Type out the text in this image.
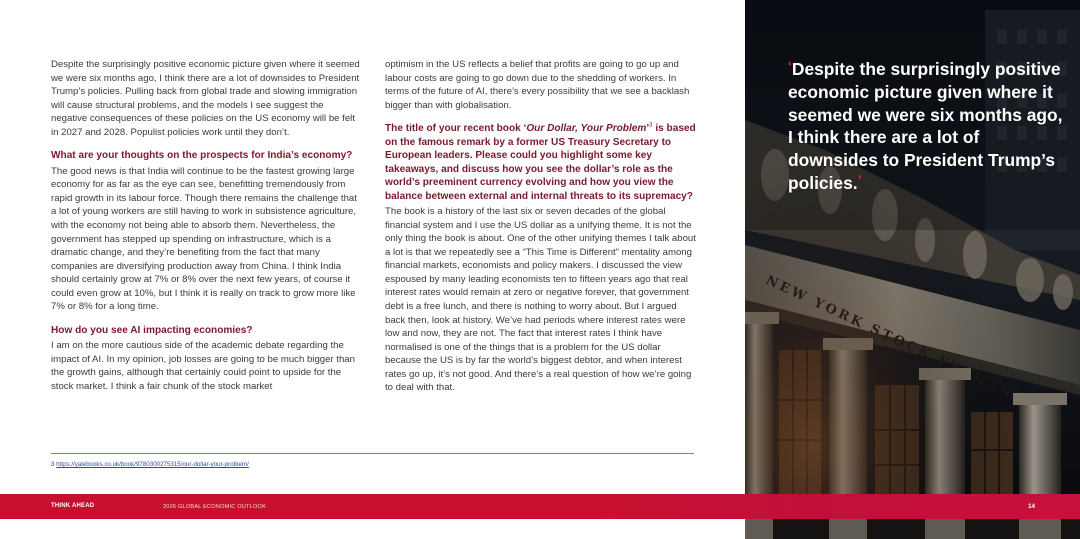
Despite the surprisingly positive economic picture given where it seemed we were six months ago, I think there are a lot of downsides to President Trump’s policies. Pulling back from global trade and slowing immigration will cause structural problems, and the models I see suggest the negative consequences of these policies on the US economy will be felt in 2027 and 2028. Populist policies work until they don’t.

What are your thoughts on the prospects for India’s economy?

The good news is that India will continue to be the fastest growing large economy for as far as the eye can see, benefitting tremendously from rapid growth in its labour force. Though there remains the challenge that a lot of young workers are still having to work in subsistence agriculture, with the economy not being able to absorb them. Nevertheless, the government has stepped up spending on infrastructure, which is a dramatic change, and they’re benefiting from the fact that many companies are diversifying production away from China. I think India should certainly grow at 7% or 8% over the next few years, of course it could even grow at 10%, but I think it is really on track to grow more like 7% or 8% for a long time.

How do you see AI impacting economies?

I am on the more cautious side of the academic debate regarding the impact of AI. In my opinion, job losses are going to be much bigger than the growth gains, although that certainly could point to upside for the stock market. I think a fair chunk of the stock market

optimism in the US reflects a belief that profits are going to go up and labour costs are going to go down due to the shedding of workers. In terms of the future of AI, there’s every possibility that we see a backlash bigger than with globalisation.

The title of your recent book ‘Our Dollar, Your Problem’$^3$ is based on the famous remark by a former US Treasury Secretary to European leaders. Please could you highlight some key takeaways, and discuss how you see the dollar’s role as the world’s preeminent currency evolving and how you view the balance between external and internal threats to its supremacy?

The book is a history of the last six or seven decades of the global financial system and I use the US dollar as a unifying theme. It is not the only thing the book is about. One of the other unifying themes I talk about a lot is that we repeatedly see a “This Time is Different” mentality among financial markets, economists and policy makers. I discussed the view espoused by many leading economists ten to fifteen years ago that real interest rates would remain at zero or negative forever, that government debt is a free lunch, and there is nothing to worry about. But I argued back then, look at history. We’ve had periods where interest rates were low and now, they are not. The fact that interest rates I think have normalised is one of the things that is a problem for the US dollar because the US is by far the world’s biggest debtor, and when interest rates go up, it’s not good. And there’s a real question of how we’re going to deal with that.

3 https://yalebooks.co.uk/book/9780300275315/our-dollar-your-problem/
‘Despite the surprisingly positive economic picture given where it seemed we were six months ago, I think there are a lot of downsides to President Trump’s policies.’
THINK AHEAD	2026 GLOBAL ECONOMIC OUTLOOK	14
